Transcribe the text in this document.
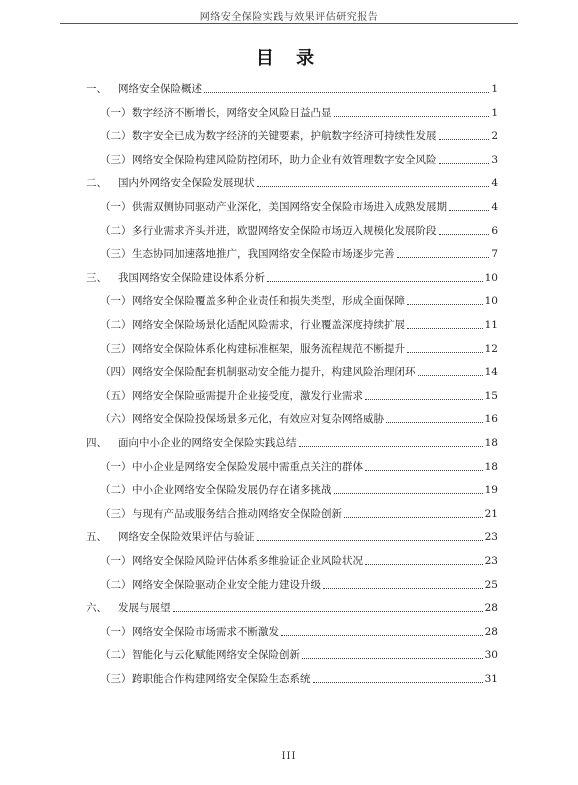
网络安全保险实践与效果评估研究报告
目 录
一、	网络安全保险概述	1
（一） 数字经济不断增长，网络安全风险日益凸显	1
（二） 数字安全已成为数字经济的关键要素，护航数字经济可持续性发展	2
（三） 网络安全保险构建风险防控闭环，助力企业有效管理数字安全风险	3
二、	国内外网络安全保险发展现状	4
（一） 供需双侧协同驱动产业深化，美国网络安全保险市场进入成熟发展期	4
（二） 多行业需求齐头并进，欧盟网络安全保险市场迈入规模化发展阶段	6
（三） 生态协同加速落地推广，我国网络安全保险市场逐步完善	7
三、	我国网络安全保险建设体系分析	10
（一） 网络安全保险覆盖多种企业责任和损失类型，形成全面保障	10
（二） 网络安全保险场景化适配风险需求，行业覆盖深度持续扩展	11
（三） 网络安全保险体系化构建标准框架，服务流程规范不断提升	12
（四） 网络安全保险配套机制驱动安全能力提升，构建风险治理闭环	14
（五） 网络安全保险亟需提升企业接受度，激发行业需求	15
（六） 网络安全保险投保场景多元化，有效应对复杂网络威胁	16
四、	面向中小企业的网络安全保险实践总结	18
（一） 中小企业是网络安全保险发展中需重点关注的群体	18
（二） 中小企业网络安全保险发展仍存在诸多挑战	19
（三） 与现有产品或服务结合推动网络安全保险创新	21
五、	网络安全保险效果评估与验证	23
（一） 网络安全保险风险评估体系多维验证企业风险状况	23
（二） 网络安全保险驱动企业安全能力建设升级	25
六、	发展与展望	28
（一） 网络安全保险市场需求不断激发	28
（二） 智能化与云化赋能网络安全保险创新	30
（三） 跨职能合作构建网络安全保险生态系统	31
III
